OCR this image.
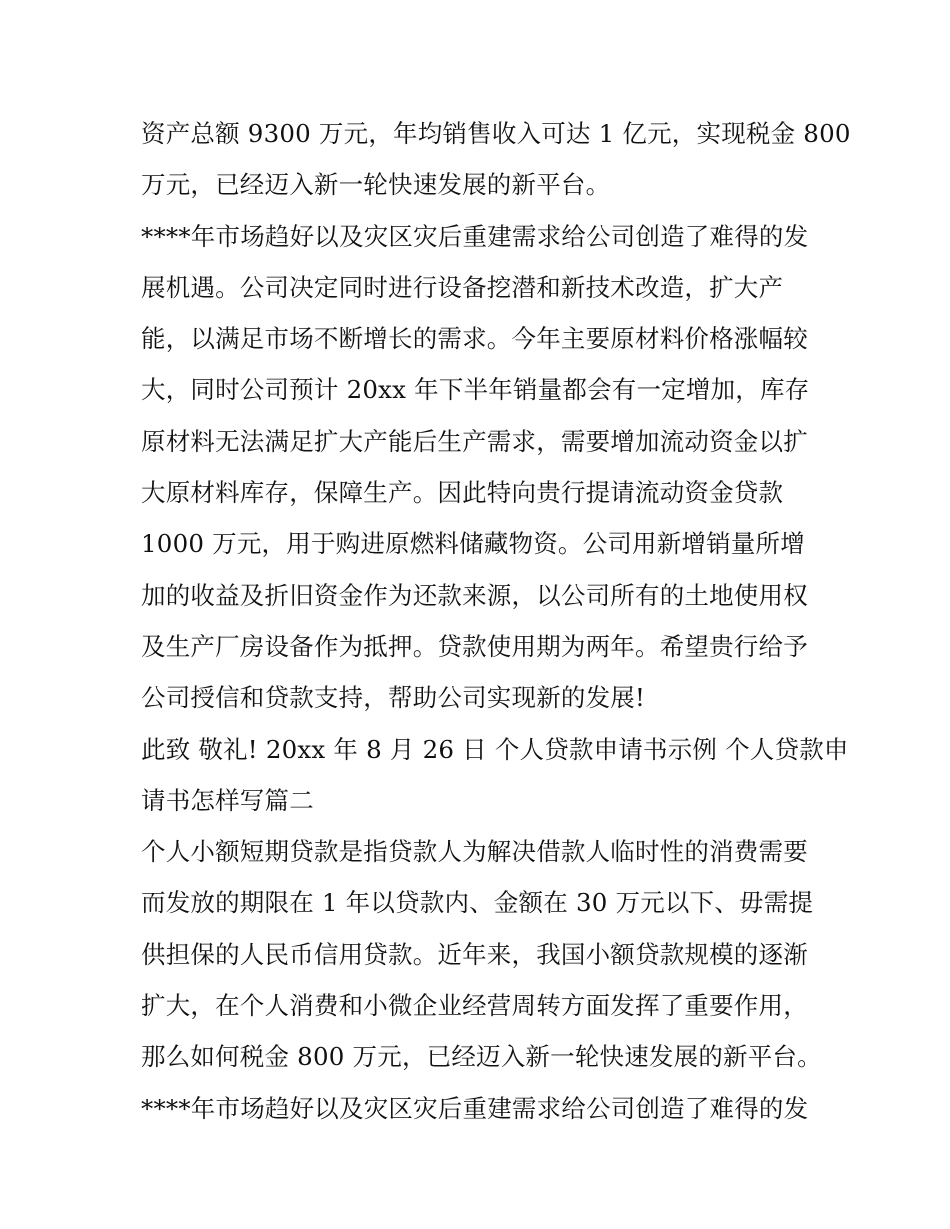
资产总额 9300 万元，年均销售收入可达 1 亿元，实现税金 800
万元，已经迈入新一轮快速发展的新平台。
****年市场趋好以及灾区灾后重建需求给公司创造了难得的发
展机遇。公司决定同时进行设备挖潜和新技术改造，扩大产
能，以满足市场不断增长的需求。今年主要原材料价格涨幅较
大，同时公司预计 20xx 年下半年销量都会有一定增加，库存
原材料无法满足扩大产能后生产需求，需要增加流动资金以扩
大原材料库存，保障生产。因此特向贵行提请流动资金贷款
1000 万元，用于购进原燃料储藏物资。公司用新增销量所增
加的收益及折旧资金作为还款来源，以公司所有的土地使用权
及生产厂房设备作为抵押。贷款使用期为两年。希望贵行给予
公司授信和贷款支持，帮助公司实现新的发展!
此致 敬礼! 20xx 年 8 月 26 日 个人贷款申请书示例 个人贷款申
请书怎样写篇二
个人小额短期贷款是指贷款人为解决借款人临时性的消费需要
而发放的期限在 1 年以贷款内、金额在 30 万元以下、毋需提
供担保的人民币信用贷款。近年来，我国小额贷款规模的逐渐
扩大，在个人消费和小微企业经营周转方面发挥了重要作用，
那么如何税金 800 万元，已经迈入新一轮快速发展的新平台。
****年市场趋好以及灾区灾后重建需求给公司创造了难得的发
